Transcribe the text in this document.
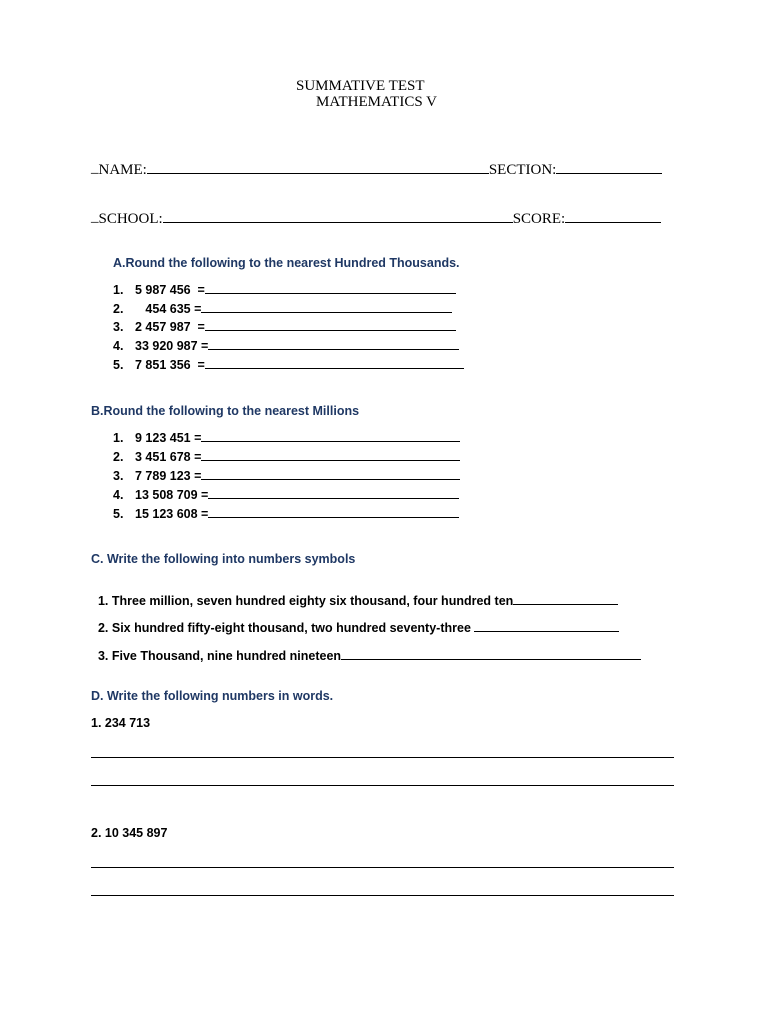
SUMMATIVE TEST
MATHEMATICS V

NAME:	SECTION:

_

SCHOOL:	SCORE:

_
A.Round the following to the nearest Hundred Thousands.
1. 5 987 456  =
2. 454 635 =
3. 2 457 987  =
4. 33 920 987 =
5. 7 851 356  =
B.Round the following to the nearest Millions
1. 9 123 451 =
2. 3 451 678 =
3. 7 789 123 =
4. 13 508 709 =
5. 15 123 608 =
C. Write the following into numbers symbols

1. Three million, seven hundred eighty six thousand, four hundred ten

2. Six hundred fifty-eight thousand, two hundred seventy-three

3. Five Thousand, nine hundred nineteen

D. Write the following numbers in words.
1. 234 713
2. 10 345 897
